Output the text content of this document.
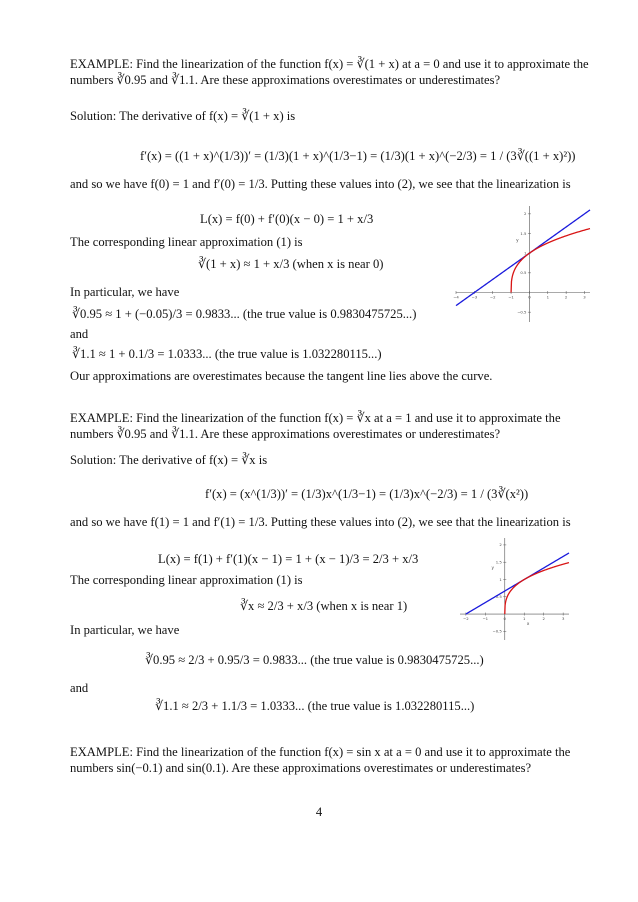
EXAMPLE: Find the linearization of the function f(x) = ∛(1 + x) at a = 0 and use it to approximate the numbers ∛0.95 and ∛1.1. Are these approximations overestimates or underestimates?

Solution: The derivative of f(x) = ∛(1 + x) is

f′(x) = ((1 + x)^(1/3))′ = (1/3)(1 + x)^(1/3−1) = (1/3)(1 + x)^(−2/3) = 1 / (3∛((1 + x)²))

and so we have f(0) = 1 and f′(0) = 1/3. Putting these values into (2), we see that the linearization is

L(x) = f(0) + f′(0)(x − 0) = 1 + x/3

The corresponding linear approximation (1) is

∛(1 + x) ≈ 1 + x/3 (when x is near 0)

In particular, we have

∛0.95 ≈ 1 + (−0.05)/3 = 0.9833... (the true value is 0.9830475725...)

and

∛1.1 ≈ 1 + 0.1/3 = 1.0333... (the true value is 1.032280115...)

Our approximations are overestimates because the tangent line lies above the curve.

−4	−3	−2	−1	0	1	2	3
−0.5
0.5
1
1.5
2
y

EXAMPLE: Find the linearization of the function f(x) = ∛x at a = 1 and use it to approximate the numbers ∛0.95 and ∛1.1. Are these approximations overestimates or underestimates?

Solution: The derivative of f(x) = ∛x is

f′(x) = (x^(1/3))′ = (1/3)x^(1/3−1) = (1/3)x^(−2/3) = 1 / (3∛(x²))

and so we have f(1) = 1 and f′(1) = 1/3. Putting these values into (2), we see that the linearization is

L(x) = f(1) + f′(1)(x − 1) = 1 + (x − 1)/3 = 2/3 + x/3

The corresponding linear approximation (1) is

∛x ≈ 2/3 + x/3 (when x is near 1)

In particular, we have

∛0.95 ≈ 2/3 + 0.95/3 = 0.9833... (the true value is 0.9830475725...)

and

∛1.1 ≈ 2/3 + 1.1/3 = 1.0333... (the true value is 1.032280115...)
−2	−1	0	1	2	3
−0.5
0.5
1
1.5
2
y
x

EXAMPLE: Find the linearization of the function f(x) = sin x at a = 0 and use it to approximate the numbers sin(−0.1) and sin(0.1). Are these approximations overestimates or underestimates?

4
